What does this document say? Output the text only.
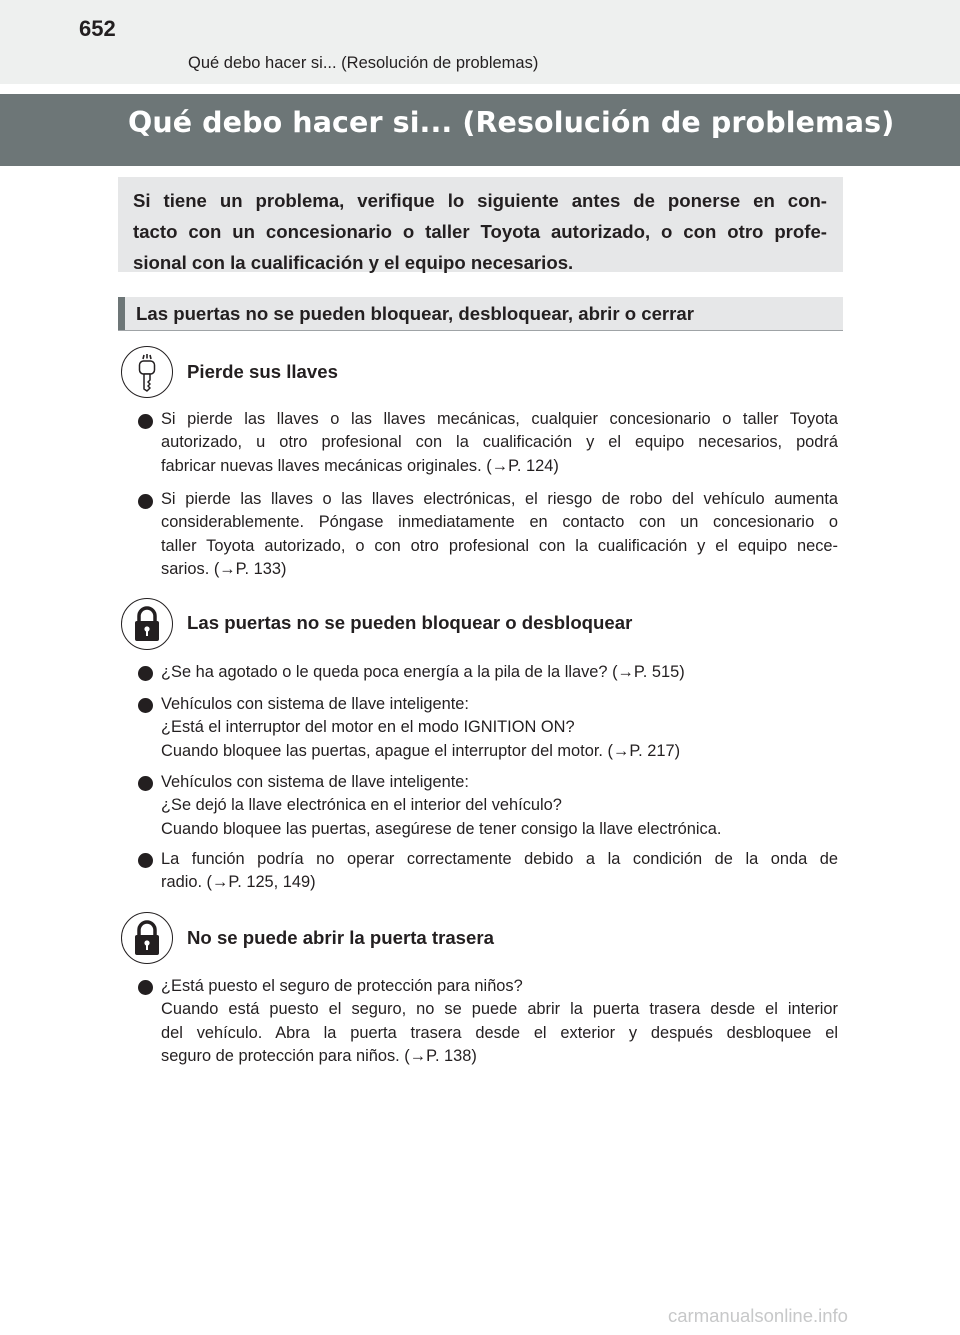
652
Qué debo hacer si... (Resolución de problemas)
Qué debo hacer si... (Resolución de problemas)
Si tiene un problema, verifique lo siguiente antes de ponerse en con-
tacto con un concesionario o taller Toyota autorizado, o con otro profe-
sional con la cualificación y el equipo necesarios.
Las puertas no se pueden bloquear, desbloquear, abrir o cerrar
Pierde sus llaves
Si pierde las llaves o las llaves mecánicas, cualquier concesionario o taller Toyota
autorizado, u otro profesional con la cualificación y el equipo necesarios, podrá
fabricar nuevas llaves mecánicas originales. (→P. 124)
Si pierde las llaves o las llaves electrónicas, el riesgo de robo del vehículo aumenta
considerablemente. Póngase inmediatamente en contacto con un concesionario o
taller Toyota autorizado, o con otro profesional con la cualificación y el equipo nece-
sarios. (→P. 133)
Las puertas no se pueden bloquear o desbloquear
¿Se ha agotado o le queda poca energía a la pila de la llave? (→P. 515)
Vehículos con sistema de llave inteligente:
¿Está el interruptor del motor en el modo IGNITION ON?
Cuando bloquee las puertas, apague el interruptor del motor. (→P. 217)
Vehículos con sistema de llave inteligente:
¿Se dejó la llave electrónica en el interior del vehículo?
Cuando bloquee las puertas, asegúrese de tener consigo la llave electrónica.
La función podría no operar correctamente debido a la condición de la onda de
radio. (→P. 125, 149)
No se puede abrir la puerta trasera
¿Está puesto el seguro de protección para niños?
Cuando está puesto el seguro, no se puede abrir la puerta trasera desde el interior
del vehículo. Abra la puerta trasera desde el exterior y después desbloquee el
seguro de protección para niños. (→P. 138)
carmanualsonline.info
